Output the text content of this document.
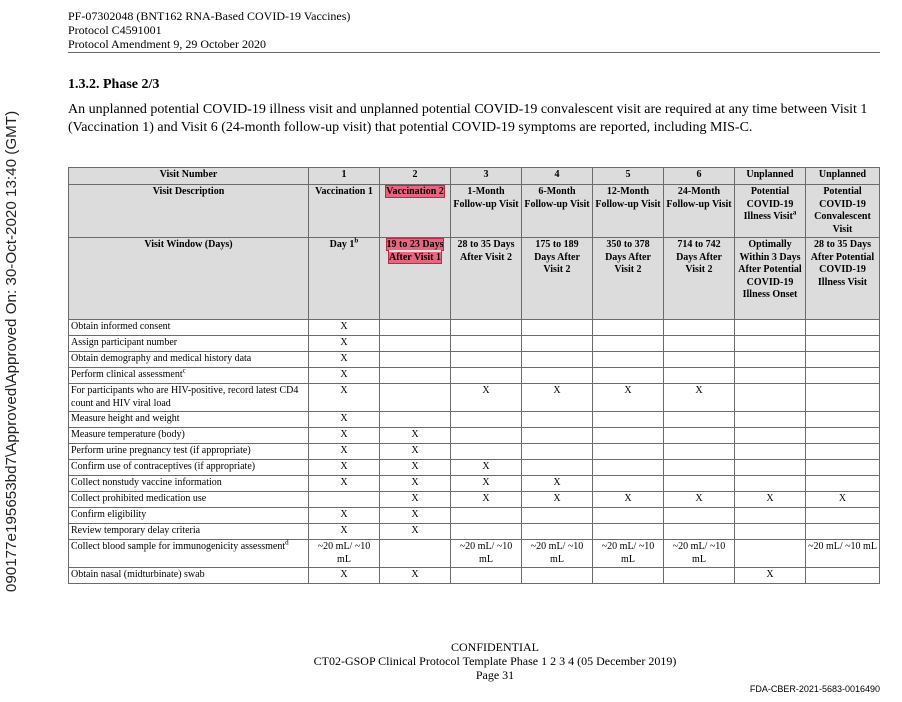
090177e195653bd7\Approved\Approved On: 30-Oct-2020 13:40 (GMT)
PF-07302048 (BNT162 RNA-Based COVID-19 Vaccines)
Protocol C4591001
Protocol Amendment 9, 29 October 2020
1.3.2. Phase 2/3
An unplanned potential COVID-19 illness visit and unplanned potential COVID-19 convalescent visit are required at any time between Visit 1 (Vaccination 1) and Visit 6 (24-month follow-up visit) that potential COVID-19 symptoms are reported, including MIS-C.
Visit Number	1	2	3	4	5	6	Unplanned	Unplanned
Visit Description	Vaccination 1	Vaccination 2	1-Month Follow-up Visit	6-Month Follow-up Visit	12-Month Follow-up Visit	24-Month Follow-up Visit	Potential COVID-19 Illness Visit$^a$	Potential COVID-19 Convalescent Visit
Visit Window (Days)	Day 1$^b$	19 to 23 Days After Visit 1	28 to 35 Days After Visit 2	175 to 189 Days After Visit 2	350 to 378 Days After Visit 2	714 to 742 Days After Visit 2	Optimally Within 3 Days After Potential COVID-19 Illness Onset	28 to 35 Days After Potential COVID-19 Illness Visit
Obtain informed consent	X							
Assign participant number	X							
Obtain demography and medical history data	X							
Perform clinical assessment$^c$	X							
For participants who are HIV-positive, record latest CD4 count and HIV viral load	X		X	X	X	X		
Measure height and weight	X							
Measure temperature (body)	X	X						
Perform urine pregnancy test (if appropriate)	X	X						
Confirm use of contraceptives (if appropriate)	X	X	X					
Collect nonstudy vaccine information	X	X	X	X				
Collect prohibited medication use		X	X	X	X	X	X	X
Confirm eligibility	X	X						
Review temporary delay criteria	X	X						
Collect blood sample for immunogenicity assessment$^d$	~20 mL/ ~10 mL		~20 mL/ ~10 mL	~20 mL/ ~10 mL	~20 mL/ ~10 mL	~20 mL/ ~10 mL		~20 mL/ ~10 mL
Obtain nasal (midturbinate) swab	X	X					X	
CONFIDENTIAL
CT02-GSOP Clinical Protocol Template Phase 1 2 3 4 (05 December 2019)
Page 31
FDA-CBER-2021-5683-0016490
